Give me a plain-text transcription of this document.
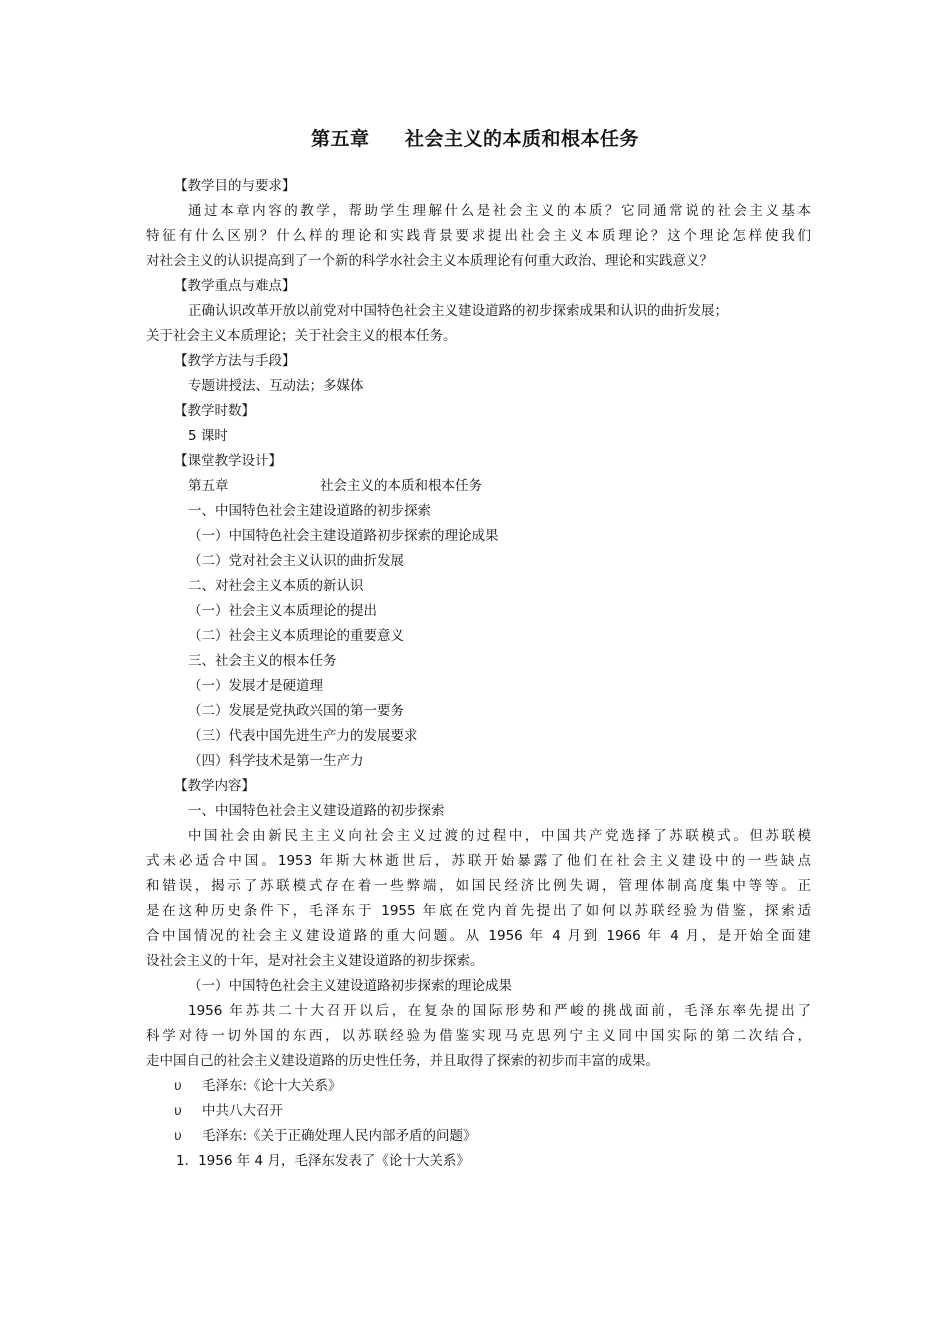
第五章     社会主义的本质和根本任务
【教学目的与要求】
通过本章内容的教学，帮助学生理解什么是社会主义的本质？它同通常说的社会主义基本
特征有什么区别？什么样的理论和实践背景要求提出社会主义本质理论？这个理论怎样使我们
对社会主义的认识提高到了一个新的科学水社会主义本质理论有何重大政治、理论和实践意义？
【教学重点与难点】
正确认识改革开放以前党对中国特色社会主义建设道路的初步探索成果和认识的曲折发展；
关于社会主义本质理论；关于社会主义的根本任务。
【教学方法与手段】
专题讲授法、互动法；多媒体
【教学时数】
5 课时
【课堂教学设计】
第五章	社会主义的本质和根本任务
一、中国特色社会主建设道路的初步探索
（一）中国特色社会主建设道路初步探索的理论成果
（二）党对社会主义认识的曲折发展
二、对社会主义本质的新认识
（一）社会主义本质理论的提出
（二）社会主义本质理论的重要意义
三、社会主义的根本任务
（一）发展才是硬道理
（二）发展是党执政兴国的第一要务
（三）代表中国先进生产力的发展要求
（四）科学技术是第一生产力
【教学内容】
一、中国特色社会主义建设道路的初步探索
中国社会由新民主主义向社会主义过渡的过程中，中国共产党选择了苏联模式。但苏联模
式未必适合中国。1953 年斯大林逝世后，苏联开始暴露了他们在社会主义建设中的一些缺点
和错误，揭示了苏联模式存在着一些弊端，如国民经济比例失调，管理体制高度集中等等。正
是在这种历史条件下，毛泽东于 1955 年底在党内首先提出了如何以苏联经验为借鉴，探索适
合中国情况的社会主义建设道路的重大问题。从 1956 年 4 月到 1966 年 4 月，是开始全面建
设社会主义的十年，是对社会主义建设道路的初步探索。
（一）中国特色社会主义建设道路初步探索的理论成果
1956 年苏共二十大召开以后，在复杂的国际形势和严峻的挑战面前，毛泽东率先提出了
科学对待一切外国的东西，以苏联经验为借鉴实现马克思列宁主义同中国实际的第二次结合，
走中国自己的社会主义建设道路的历史性任务，并且取得了探索的初步而丰富的成果。
υ 毛泽东:《论十大关系》
υ 中共八大召开
υ 毛泽东:《关于正确处理人民内部矛盾的问题》
1．1956 年 4 月，毛泽东发表了《论十大关系》
